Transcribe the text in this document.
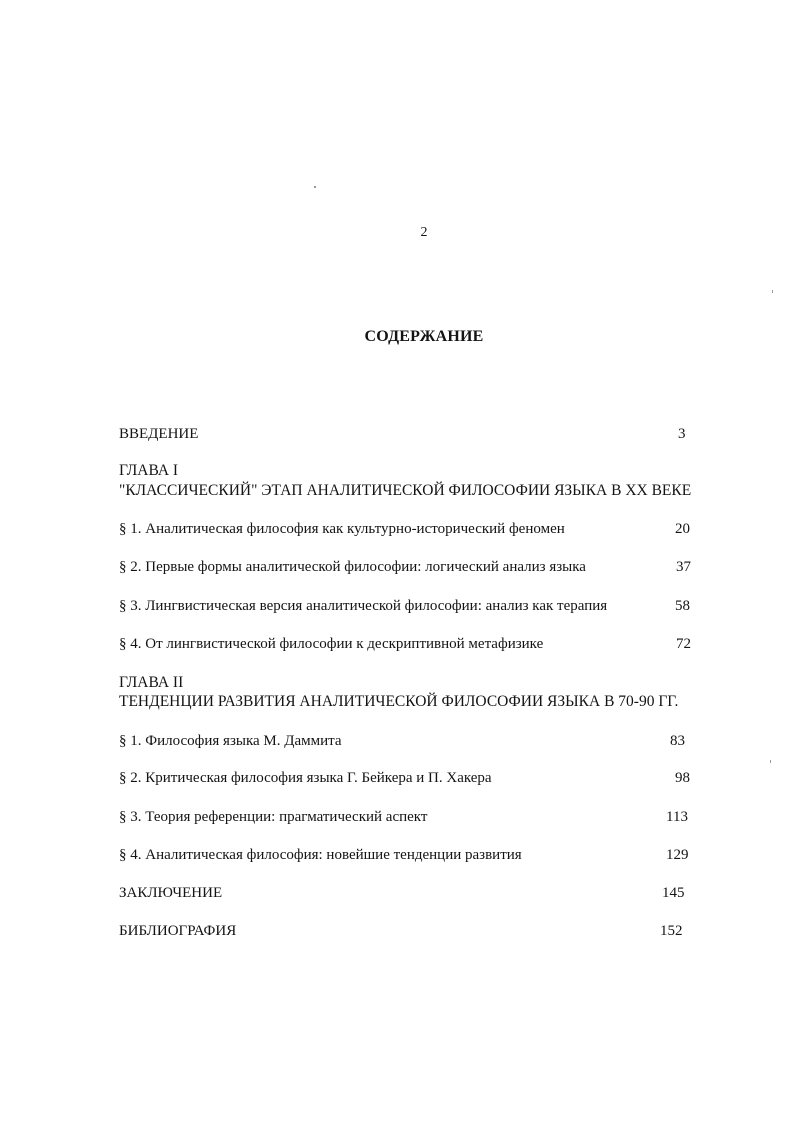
2
СОДЕРЖАНИЕ
ВВЕДЕНИЕ	3
ГЛАВА I
"КЛАССИЧЕСКИЙ" ЭТАП АНАЛИТИЧЕСКОЙ ФИЛОСОФИИ ЯЗЫКА В XX ВЕКЕ
§ 1. Аналитическая философия как культурно-исторический феномен	20
§ 2. Первые формы аналитической философии: логический анализ языка	37
§ 3. Лингвистическая версия аналитической философии: анализ как терапия	58
§ 4. От лингвистической философии к дескриптивной метафизике	72
ГЛАВА II
ТЕНДЕНЦИИ РАЗВИТИЯ АНАЛИТИЧЕСКОЙ ФИЛОСОФИИ ЯЗЫКА В 70-90 ГГ.
§ 1. Философия языка М. Даммита	83
§ 2. Критическая философия языка Г. Бейкера и П. Хакера	98
§ 3. Теория референции: прагматический аспект	113
§ 4. Аналитическая философия: новейшие тенденции развития	129
ЗАКЛЮЧЕНИЕ	145
БИБЛИОГРАФИЯ	152
